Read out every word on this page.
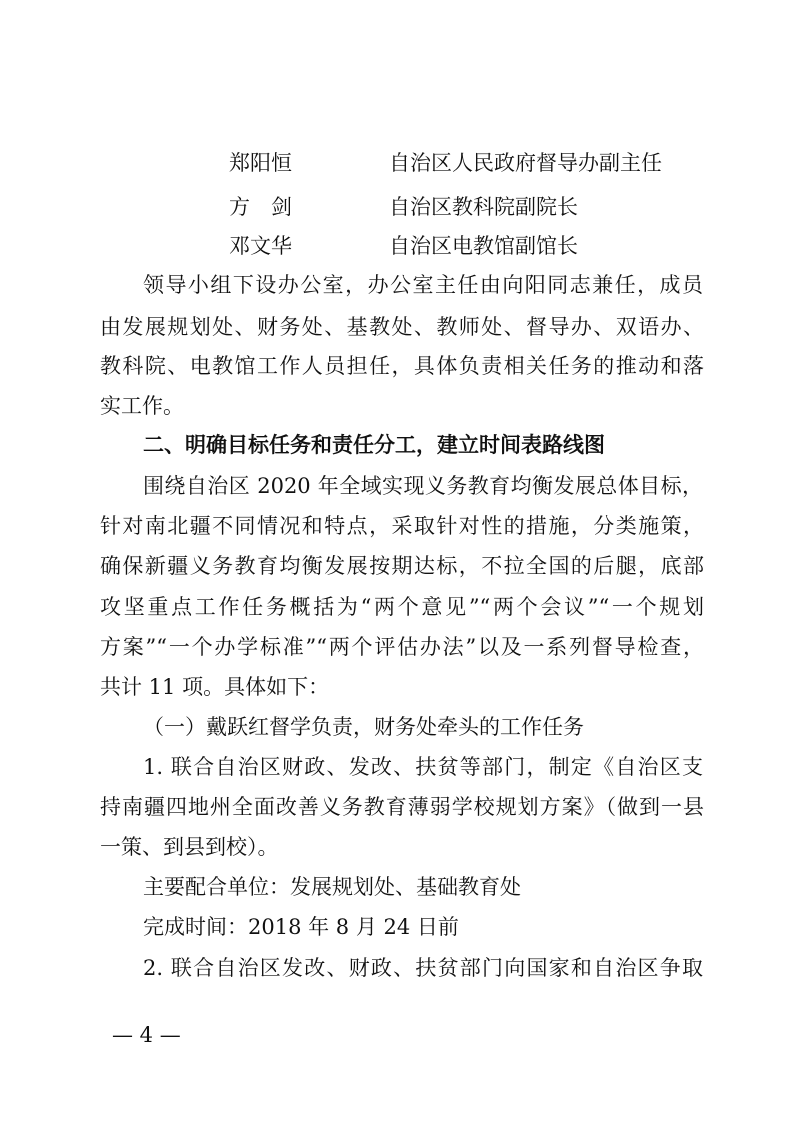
郑阳恒	自治区人民政府督导办副主任
方　剑	自治区教科院副院长
邓文华	自治区电教馆副馆长
领导小组下设办公室，办公室主任由向阳同志兼任，成员
由发展规划处、财务处、基教处、教师处、督导办、双语办、
教科院、电教馆工作人员担任，具体负责相关任务的推动和落
实工作。
二、明确目标任务和责任分工，建立时间表路线图
围绕自治区 2020 年全域实现义务教育均衡发展总体目标，
针对南北疆不同情况和特点，采取针对性的措施，分类施策，
确保新疆义务教育均衡发展按期达标，不拉全国的后腿，底部
攻坚重点工作任务概括为“两个意见”“两个会议”“一个规划
方案”“一个办学标准”“两个评估办法”以及一系列督导检查，
共计 11 项。具体如下：
（一）戴跃红督学负责，财务处牵头的工作任务
1. 联合自治区财政、发改、扶贫等部门，制定《自治区支
持南疆四地州全面改善义务教育薄弱学校规划方案》（做到一县
一策、到县到校）。
主要配合单位：发展规划处、基础教育处
完成时间：2018 年 8 月 24 日前
2. 联合自治区发改、财政、扶贫部门向国家和自治区争取
— 4 —
